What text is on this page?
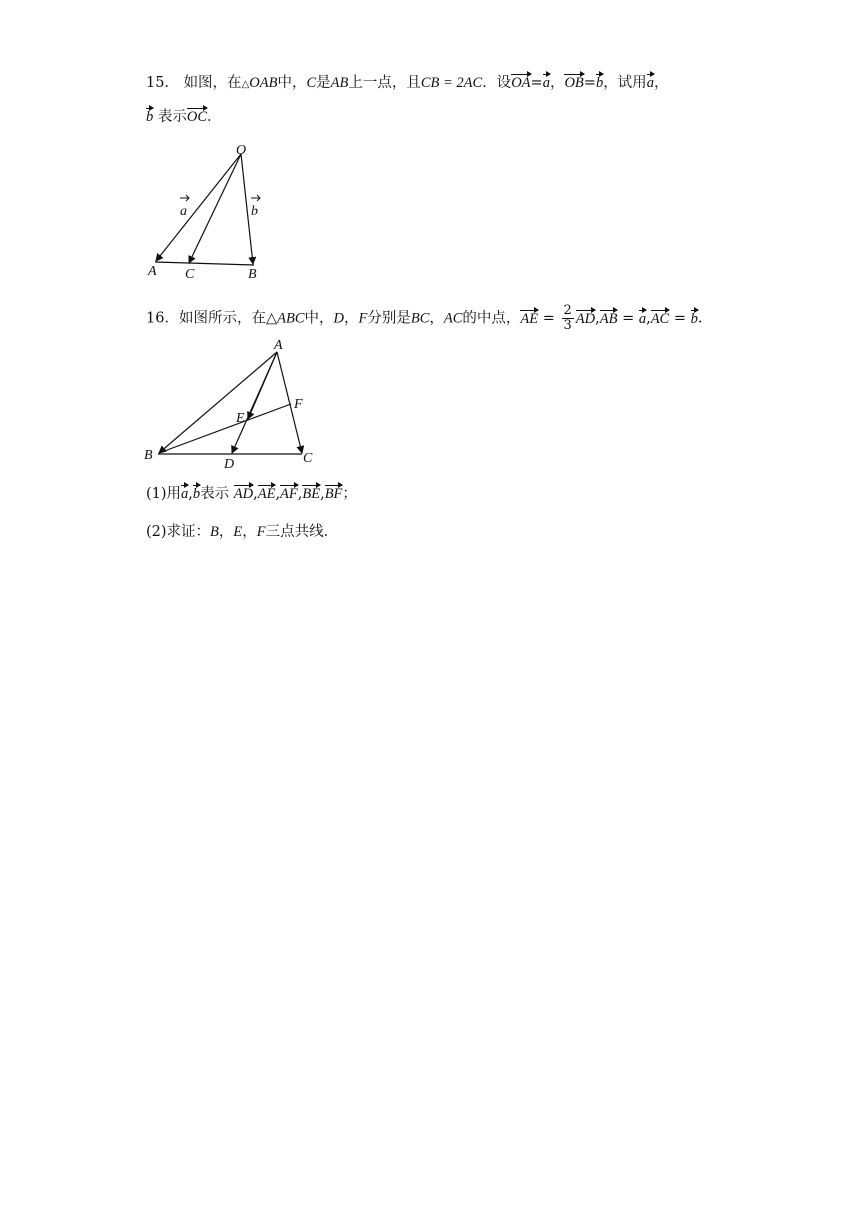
15． 如图，在△OAB中，C是AB上一点，且CB = 2AC．设OA=a，OB=b，试用a，
b 表示OC．
O
A C	B
a	b
16．如图所示，在△ABC中，D，F分别是BC，AC的中点，AE = $\frac{2}{3} AD,AB = a,AC = b$.
A
B	C
D
E
F
(1)用a,b表示 AD,AE,AF,BE,BF；
(2)求证：B，E，F三点共线．
